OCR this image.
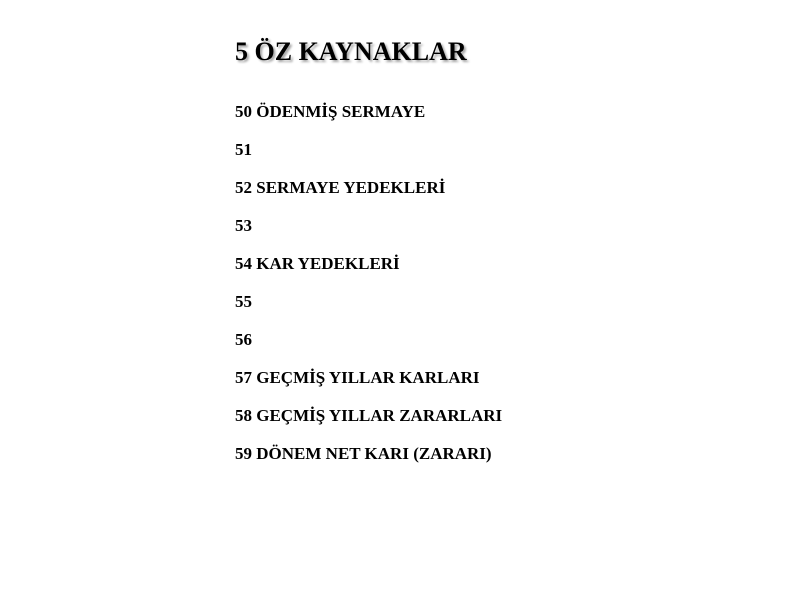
5 ÖZ KAYNAKLAR
50 ÖDENMİŞ SERMAYE
51
52 SERMAYE YEDEKLERİ
53
54 KAR YEDEKLERİ
55
56
57 GEÇMİŞ YILLAR KARLARI
58 GEÇMİŞ YILLAR ZARARLARI
59 DÖNEM NET KARI (ZARARI)
